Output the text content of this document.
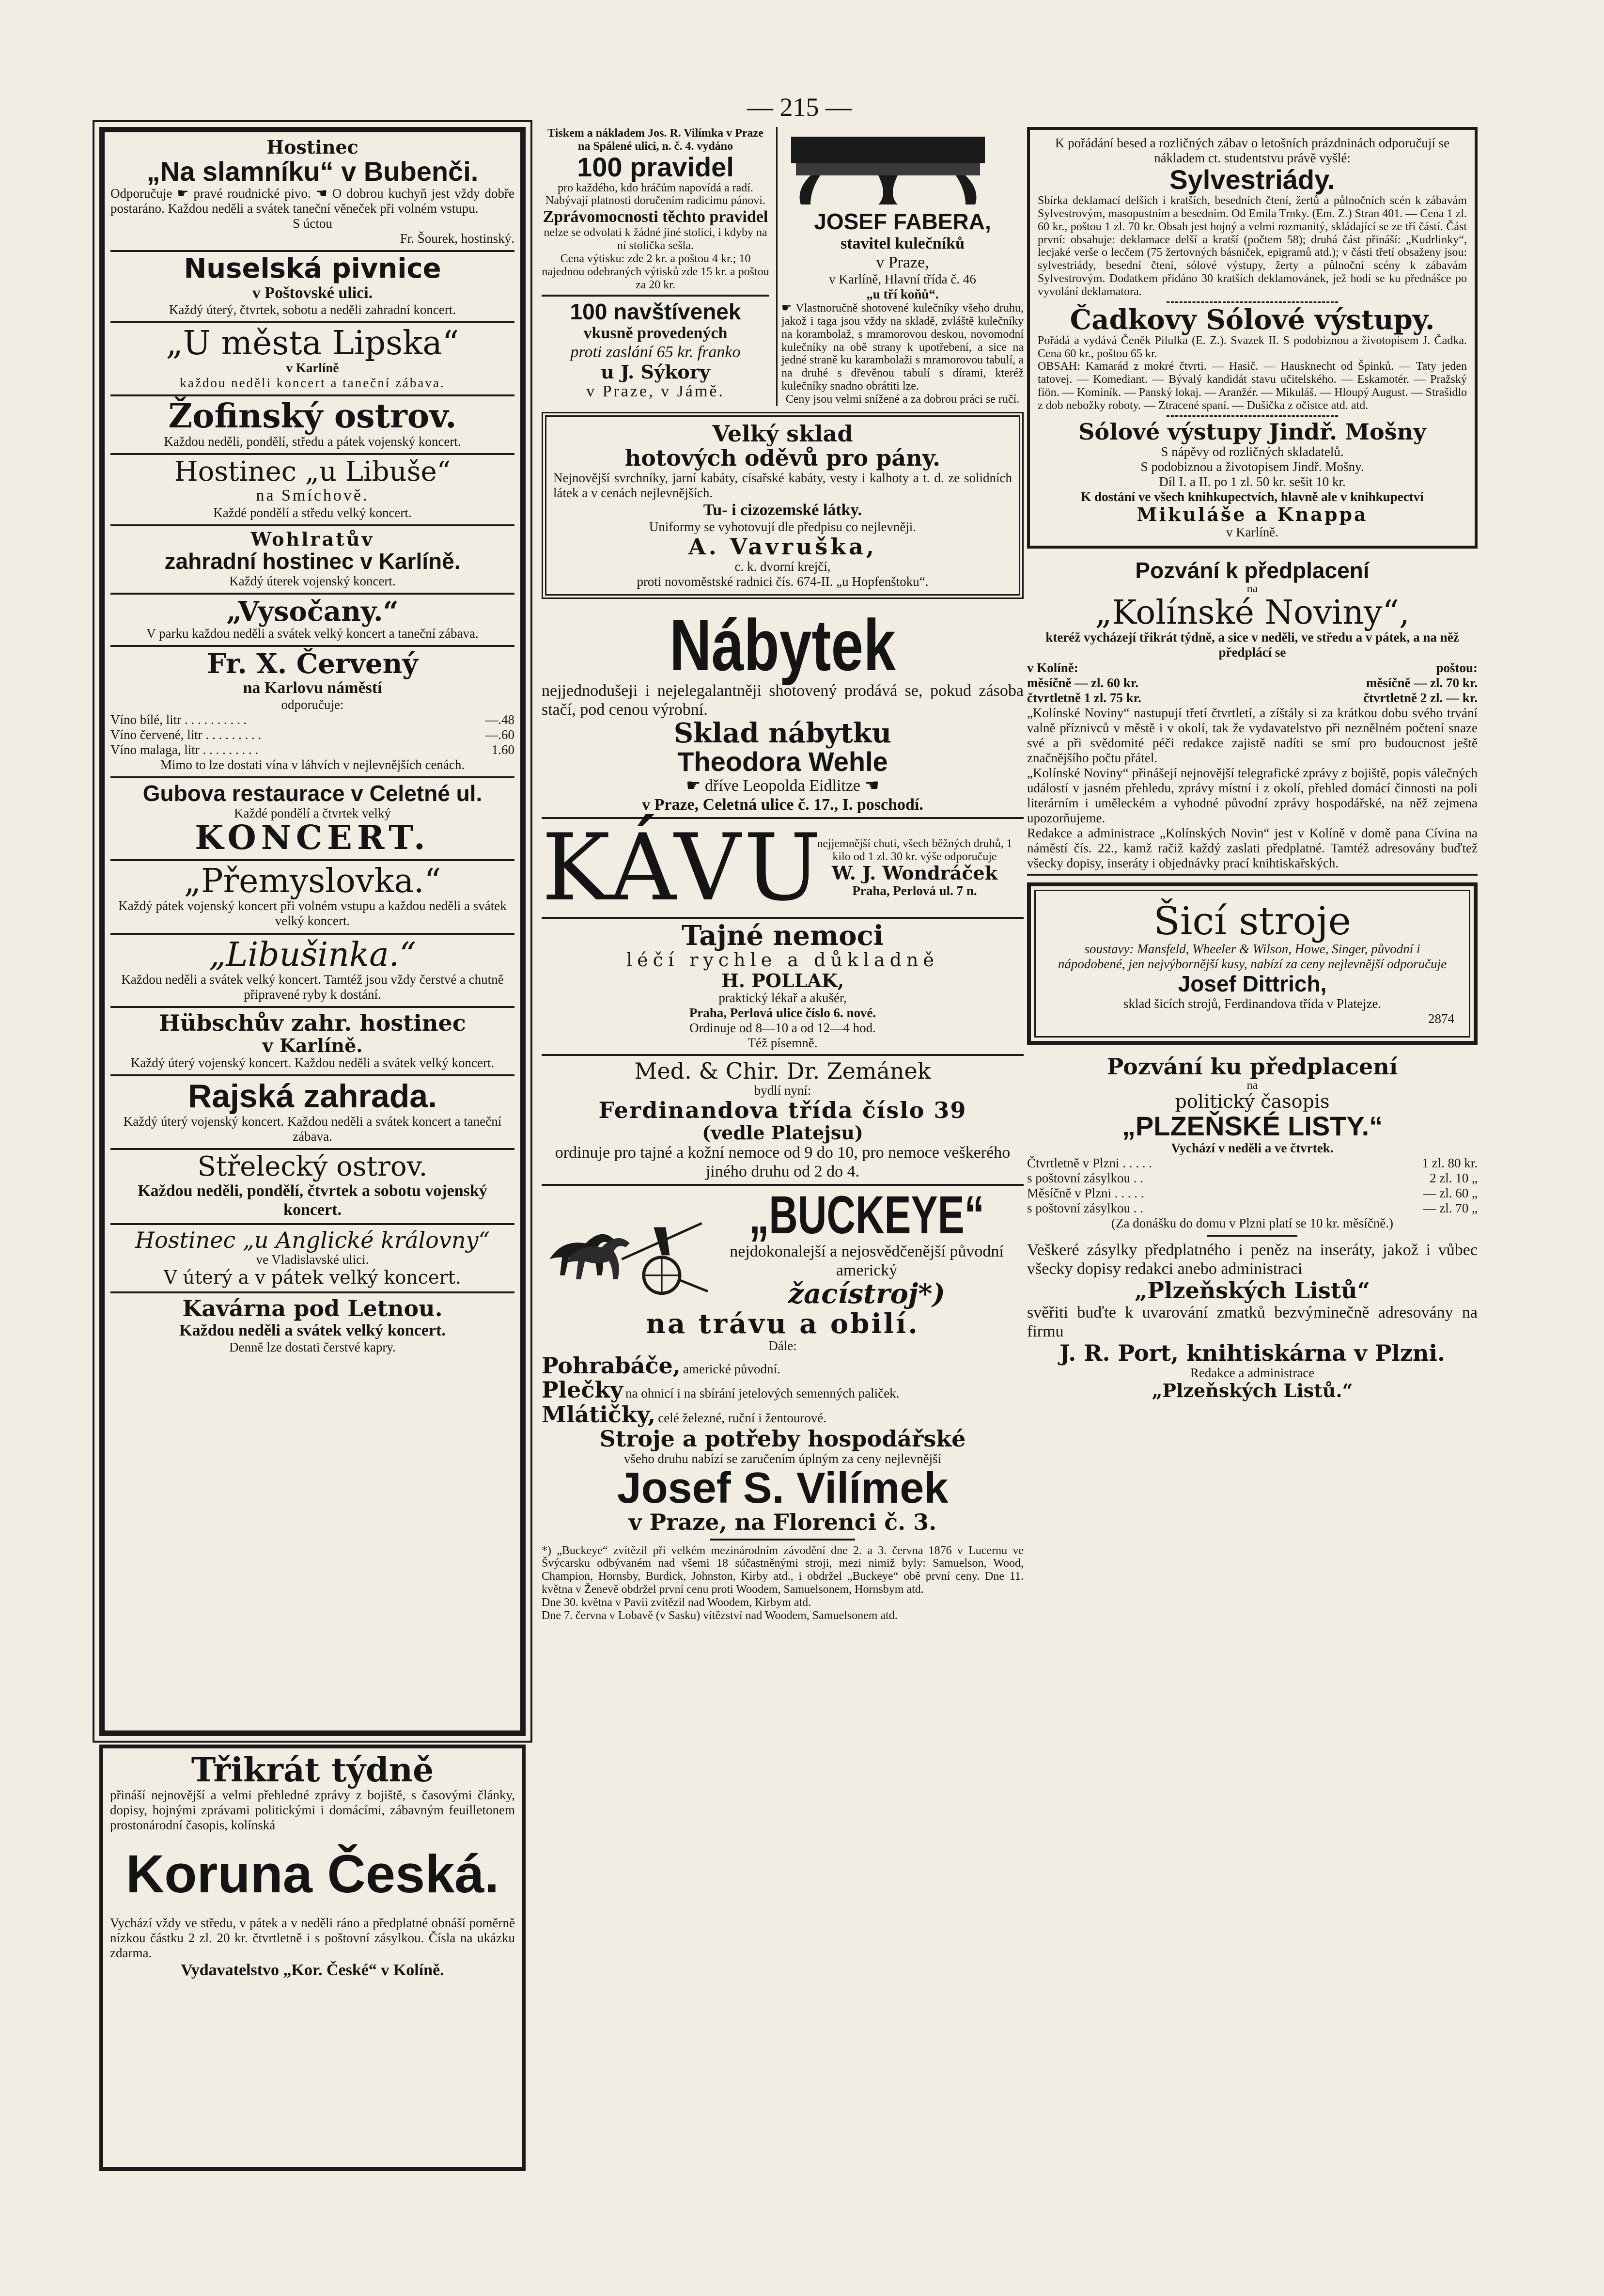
— 215 —
Hostinec
„Na slamníku“ v Bubenči.
Odporučuje ☛ pravé roudnické pivo. ☚ O dobrou kuchyň jest vždy dobře postaráno. Každou neděli a svátek taneční věneček při volném vstupu.
S úctou
Fr. Šourek, hostinský.
Nuselská pivnice
v Poštovské ulici.
Každý úterý, čtvrtek, sobotu a neděli zahradní koncert.
„U města Lipska“
v Karlíně
každou neděli koncert a taneční zábava.
Žofinský ostrov.
Každou neděli, pondělí, středu a pátek vojenský koncert.
Hostinec „u Libuše“
na Smíchově.
Každé pondělí a středu velký koncert.
Wohlratův
zahradní hostinec v Karlíně.
Každý úterek vojenský koncert.
„Vysočany.“
V parku každou neděli a svátek velký koncert a taneční zábava.
Fr. X. Červený
na Karlovu náměstí
odporučuje:
Víno bílé, litr . . . . . . . . . .	—.48
Víno červené, litr . . . . . . . . .	—.60
Víno malaga, litr . . . . . . . . .	1.60
Mimo to lze dostati vína v láhvích v nejlevnějších cenách.
Gubova restaurace v Celetné ul.
Každé pondělí a čtvrtek velký
KONCERT.
„Přemyslovka.“
Každý pátek vojenský koncert při volném vstupu a každou neděli a svátek velký koncert.
„Libušinka.“
Každou neděli a svátek velký koncert. Tamtéž jsou vždy čerstvé a chutně připravené ryby k dostání.
Hübschův zahr. hostinec
v Karlíně.
Každý úterý vojenský koncert. Každou neděli a svátek velký koncert.
Rajská zahrada.
Každý úterý vojenský koncert. Každou neděli a svátek koncert a taneční zábava.
Střelecký ostrov.
Každou neděli, pondělí, čtvrtek a sobotu vojenský koncert.
Hostinec „u Anglické královny“
ve Vladislavské ulici.
V úterý a v pátek velký koncert.
Kavárna pod Letnou.
Každou neděli a svátek velký koncert.
Denně lze dostati čerstvé kapry.
Třikrát týdně
přináší nejnovější a velmi přehledné zprávy z bojiště, s časovými články, dopisy, hojnými zprávami politickými i domácími, zábavným feuilletonem prostonárodní časopis, kolínská
Koruna Česká.
Vychází vždy ve středu, v pátek a v neděli ráno a předplatné obnáší poměrně nízkou částku 2 zl. 20 kr. čtvrtletně i s poštovní zásylkou. Čísla na ukázku zdarma.
Vydavatelstvo „Kor. České“ v Kolíně.
Tiskem a nákladem Jos. R. Vilímka v Praze na Spálené ulici, n. č. 4. vydáno
100 pravidel
pro každého, kdo hráčům napovídá a radí. Nabývají platnosti doručením radicimu pánovi.
Zprávomocnosti těchto pravidel
nelze se odvolati k žádné jiné stolici, i kdyby na ní stolička sešla.
Cena výtisku: zde 2 kr. a poštou 4 kr.; 10 najednou odebraných výtisků zde 15 kr. a poštou za 20 kr.
100 navštívenek
vkusně provedených
proti zaslání 65 kr. franko
u J. Sýkory
v Praze, v Jámě.
JOSEF FABERA,
stavitel kulečníků
v Praze,
v Karlíně, Hlavní třída č. 46
„u tří koňů“.
☛ Vlastnoručně shotovené kulečníky všeho druhu, jakož i taga jsou vždy na skladě, zvláště kulečníky na korambolaž, s mramorovou deskou, novomodní kulečníky na obě strany k upotřebení, a sice na jedné straně ku karambolaži s mramorovou tabulí, a na druhé s dřevěnou tabulí s dírami, kteréž kulečníky snadno obrátiti lze.
Ceny jsou velmi snížené a za dobrou práci se ručí.
Velký sklad
hotových oděvů pro pány.
Nejnovější svrchníky, jarní kabáty, císařské kabáty, vesty i kalhoty a t. d. ze solidních látek a v cenách nejlevnějších.
Tu- i cizozemské látky.
Uniformy se vyhotovují dle předpisu co nejlevněji.
A. Vavruška,
c. k. dvorní krejčí,
proti novoměstské radnici čís. 674-II. „u Hopfenštoku“.
Nábytek
nejjednodušeji i nejelegalantněji shotovený prodává se, pokud zásoba stačí, pod cenou výrobní.
Sklad nábytku
Theodora Wehle
☛ dříve Leopolda Eidlitze ☚
v Praze, Celetná ulice č. 17., I. poschodí.
KÁVU
nejjemnější chuti, všech běžných druhů, 1 kilo od 1 zl. 30 kr. výše odporučuje
W. J. Wondráček
Praha, Perlová ul. 7 n.
Tajné nemoci
léčí rychle a důkladně
H. POLLAK,
praktický lékař a akušér,
Praha, Perlová ulice číslo 6. nové.
Ordinuje od 8—10 a od 12—4 hod.
Též písemně.
Med. & Chir. Dr. Zemánek
bydlí nyní:
Ferdinandova třída číslo 39
(vedle Platejsu)
ordinuje pro tajné a kožní nemoce od 9 do 10, pro nemoce veškerého jiného druhu od 2 do 4.
„BUCKEYE“
nejdokonalejší a nejosvědčenější původní americký
žacístroj*)
na trávu a obilí.
Dále:
Pohrabáče, americké původní.
Plečky na ohnicí i na sbírání jetelových semenných paliček.
Mlátičky, celé železné, ruční i žentourové.
Stroje a potřeby hospodářské
všeho druhu nabízí se zaručením úplným za ceny nejlevnější
Josef S. Vilímek
v Praze, na Florenci č. 3.
*) „Buckeye“ zvítězil při velkém mezinárodním závodění dne 2. a 3. června 1876 v Lucernu ve Švýcarsku odbývaném nad všemi 18 súčastněnými stroji, mezi nimiž byly: Samuelson, Wood, Champion, Hornsby, Burdick, Johnston, Kirby atd., i obdržel „Buckeye“ obě první ceny. Dne 11. května v Ženevě obdržel první cenu proti Woodem, Samuelsonem, Hornsbym atd.
Dne 30. května v Pavii zvítězil nad Woodem, Kirbym atd.
Dne 7. června v Lobavě (v Sasku) vítězství nad Woodem, Samuelsonem atd.
K pořádání besed a rozličných zábav o letošních prázdninách odporučují se nákladem ct. studentstvu právě vyšlé:
Sylvestriády.
Sbírka deklamací delších i kratších, besedních čtení, žertů a půlnočních scén k zábavám Sylvestrovým, masopustním a besedním. Od Emila Trnky. (Em. Z.) Stran 401. — Cena 1 zl. 60 kr., poštou 1 zl. 70 kr. Obsah jest hojný a velmi rozmanitý, skládající se ze tří částí. Část první: obsahuje: deklamace delší a kratší (počtem 58); druhá část přináší: „Kudrlinky“, lecjaké verše o lecčem (75 žertovných básniček, epigramů atd.); v části třetí obsaženy jsou: sylvestriády, besední čtení, sólové výstupy, žerty a půlnoční scény k zábavám Sylvestrovým. Dodatkem přidáno 30 kratších deklamovánek, jež hodí se ku přednášce po vyvolání deklamatora.
Čadkovy Sólové výstupy.
Pořádá a vydává Čeněk Pilulka (E. Z.). Svazek II. S podobiznou a životopisem J. Čadka. Cena 60 kr., poštou 65 kr.
OBSAH: Kamarád z mokré čtvrti. — Hasič. — Hausknecht od Špinků. — Taty jeden tatovej. — Komediant. — Bývalý kandidát stavu učitelského. — Eskamotér. — Pražský fiön. — Kominík. — Panský lokaj. — Aranžér. — Mikuláš. — Hloupý August. — Strašidlo z dob nebožky roboty. — Ztracené spaní. — Dušička z očistce atd. atd.
Sólové výstupy Jindř. Mošny
S nápěvy od rozličných skladatelů.
S podobiznou a životopisem Jindř. Mošny.
Díl I. a II. po 1 zl. 50 kr. sešit 10 kr.
K dostání ve všech knihkupectvích, hlavně ale v knihkupectví
Mikuláše a Knappa
v Karlíně.
Pozvání k předplacení
na
„Kolínské Noviny“,
kteréž vycházejí třikrát týdně, a sice v neděli, ve středu a v pátek, a na něž předplácí se
v Kolíně:	poštou:
měsíčně — zl. 60 kr.	měsíčně — zl. 70 kr.
čtvrtletně 1 zl. 75 kr.	čtvrtletně 2 zl. — kr.
„Kolínské Noviny“ nastupují třetí čtvrtletí, a zíštály si za krátkou dobu svého trvání valně příznivců v městě i v okolí, tak že vydavatelstvo při neznělném počtení snaze své a při svědomité péči redakce zajistě nadíti se smí pro budoucnost ještě značnějšího počtu přátel.
„Kolínské Noviny“ přinášejí nejnovější telegrafické zprávy z bojiště, popis válečných událostí v jasném přehledu, zprávy místní i z okolí, přehled domácí činnosti na poli literárním i uměleckém a vyhodné původní zprávy hospodářské, na něž zejmena upozorňujeme.
Redakce a administrace „Kolínských Novin“ jest v Kolíně v domě pana Cívina na náměstí čís. 22., kamž račiž každý zaslati předplatné. Tamtéž adresovány buďtež všecky dopisy, inseráty i objednávky prací knihtiskařských.
Šicí stroje
soustavy: Mansfeld, Wheeler & Wilson, Howe, Singer, původní i nápodobené, jen nejvýbornější kusy, nabízí za ceny nejlevnější odporučuje
Josef Dittrich,
sklad šicích strojů, Ferdinandova třída v Platejze.
2874
Pozvání ku předplacení
na
politický časopis
„PLZEŇSKÉ LISTY.“
Vychází v neděli a ve čtvrtek.
Čtvrtletně v Plzni . . . . .	1 zl. 80 kr.
s poštovní zásylkou . .	2 zl. 10 „
Měsíčně v Plzni . . . . .	— zl. 60 „
s poštovní zásylkou . .	— zl. 70 „
(Za donášku do domu v Plzni platí se 10 kr. měsíčně.)
Veškeré zásylky předplatného i peněz na inseráty, jakož i vůbec všecky dopisy redakci anebo administraci
„Plzeňských Listů“
svěřiti buďte k uvarování zmatků bezvýminečně adresovány na firmu
J. R. Port, knihtiskárna v Plzni.
Redakce a administrace
„Plzeňských Listů.“
